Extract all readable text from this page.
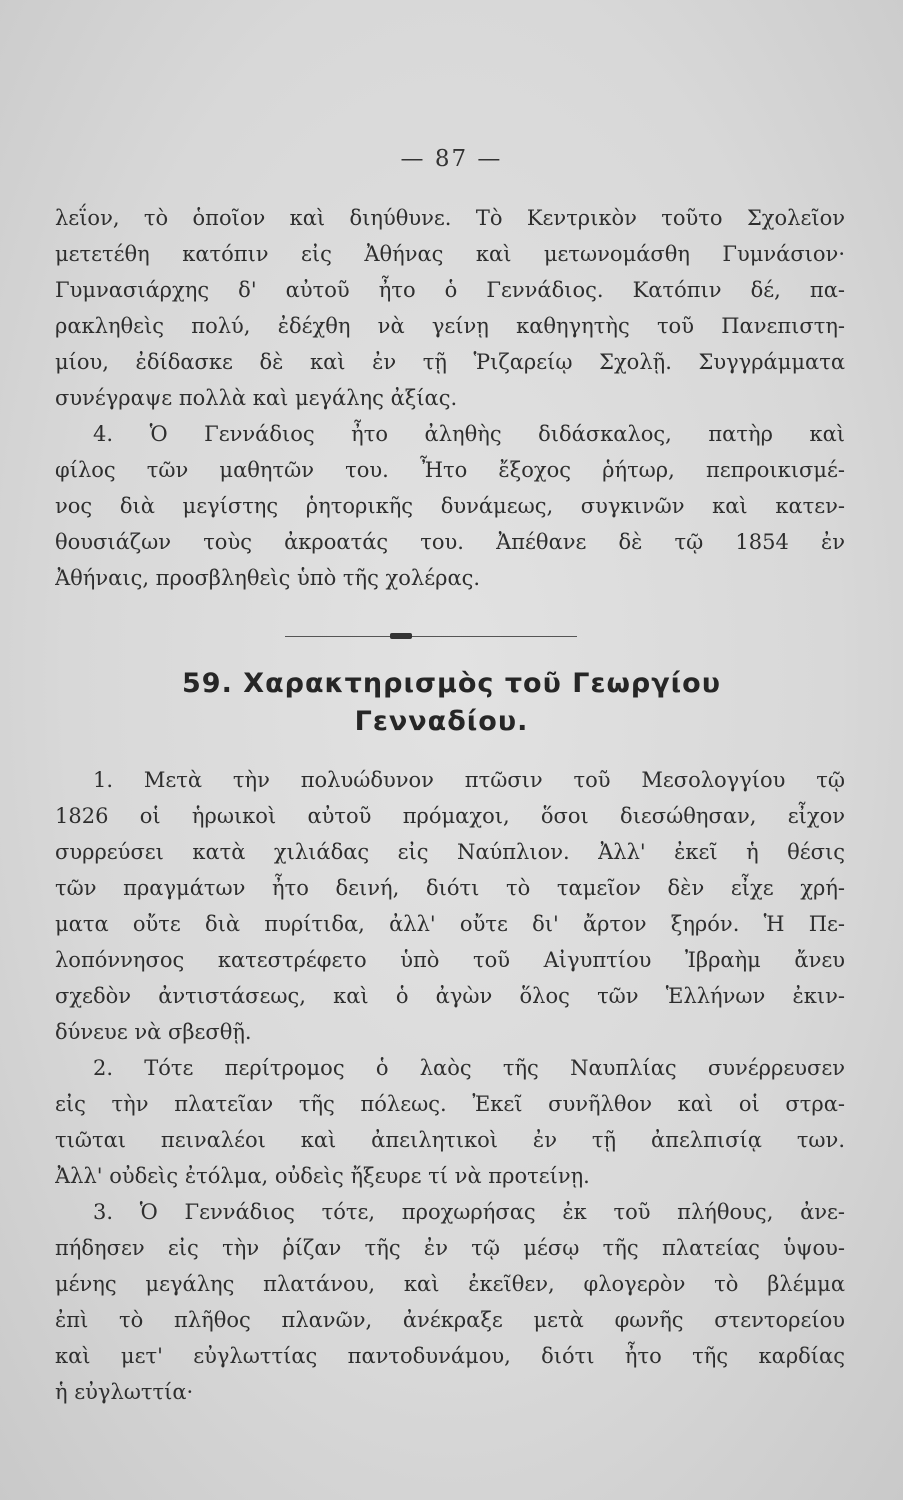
— 87 —
λεΐον, τὸ ὁποῖον καὶ διηύθυνε. Τὸ Κεντρικὸν τοῦτο Σχολεῖον
μετετέθη κατόπιν εἰς Ἀθήνας καὶ μετωνομάσθη Γυμνάσιον·
Γυμνασιάρχης δ' αὐτοῦ ἦτο ὁ Γεννάδιος. Κατόπιν δέ, πα-
ρακληθεὶς πολύ, ἐδέχθη νὰ γείνῃ καθηγητὴς τοῦ Πανεπιστη-
μίου, ἐδίδασκε δὲ καὶ ἐν τῇ Ῥιζαρείῳ Σχολῇ. Συγγράμματα
συνέγραψε πολλὰ καὶ μεγάλης ἀξίας.
4. Ὁ Γεννάδιος ἦτο ἀληθὴς διδάσκαλος, πατὴρ καὶ
φίλος τῶν μαθητῶν του. Ἦτο ἔξοχος ῥήτωρ, πεπροικισμέ-
νος διὰ μεγίστης ῥητορικῆς δυνάμεως, συγκινῶν καὶ κατεν-
θουσιάζων τοὺς ἀκροατάς του. Ἀπέθανε δὲ τῷ 1854 ἐν
Ἀθήναις, προσβληθεὶς ὑπὸ τῆς χολέρας.
59. Χαρακτηρισμὸς τοῦ Γεωργίου
Γενναδίου.
1. Μετὰ τὴν πολυώδυνον πτῶσιν τοῦ Μεσολογγίου τῷ
1826 οἱ ἡρωικοὶ αὐτοῦ πρόμαχοι, ὅσοι διεσώθησαν, εἶχον
συρρεύσει κατὰ χιλιάδας εἰς Ναύπλιον. Ἀλλ' ἐκεῖ ἡ θέσις
τῶν πραγμάτων ἦτο δεινή, διότι τὸ ταμεῖον δὲν εἶχε χρή-
ματα οὔτε διὰ πυρίτιδα, ἀλλ' οὔτε δι' ἄρτον ξηρόν. Ἡ Πε-
λοπόννησος κατεστρέφετο ὑπὸ τοῦ Αἰγυπτίου Ἰβραὴμ ἄνευ
σχεδὸν ἀντιστάσεως, καὶ ὁ ἀγὼν ὅλος τῶν Ἑλλήνων ἐκιν-
δύνευε νὰ σβεσθῇ.
2. Τότε περίτρομος ὁ λαὸς τῆς Ναυπλίας συνέρρευσεν
εἰς τὴν πλατεῖαν τῆς πόλεως. Ἐκεῖ συνῆλθον καὶ οἱ στρα-
τιῶται πειναλέοι καὶ ἀπειλητικοὶ ἐν τῇ ἀπελπισίᾳ των.
Ἀλλ' οὐδεὶς ἐτόλμα, οὐδεὶς ἤξευρε τί νὰ προτείνῃ.
3. Ὁ Γεννάδιος τότε, προχωρήσας ἐκ τοῦ πλήθους, ἀνε-
πήδησεν εἰς τὴν ῥίζαν τῆς ἐν τῷ μέσῳ τῆς πλατείας ὑψου-
μένης μεγάλης πλατάνου, καὶ ἐκεῖθεν, φλογερὸν τὸ βλέμμα
ἐπὶ τὸ πλῆθος πλανῶν, ἀνέκραξε μετὰ φωνῆς στεντορείου
καὶ μετ' εὐγλωττίας παντοδυνάμου, διότι ἦτο τῆς καρδίας
ἡ εὐγλωττία·
